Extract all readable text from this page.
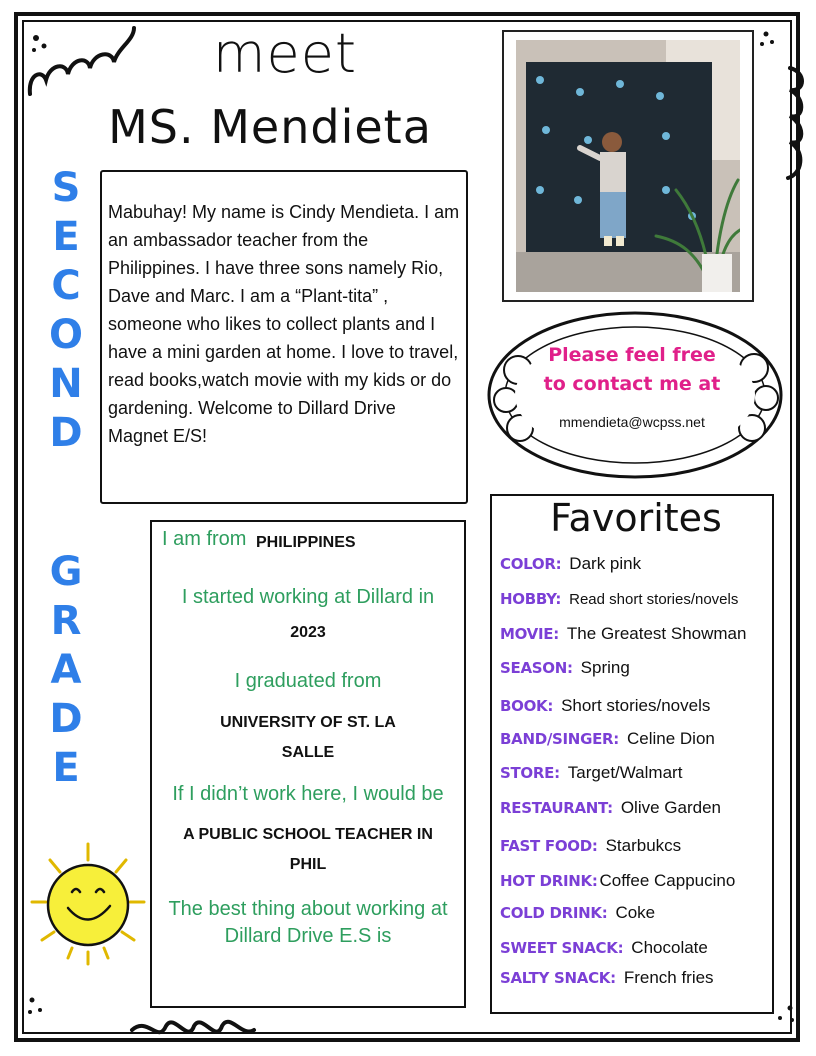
meet
MS. Mendieta
S
E
C
O
N
D
G
R
A
D
E

Mabuhay! My name is Cindy Mendieta. I am an ambassador teacher from the Philippines. I have three sons namely Rio, Dave and Marc. I am a “Plant-tita” , someone who likes to collect plants and I have a mini garden at home. I love to travel, read books,watch movie with my kids or do gardening. Welcome to Dillard Drive Magnet E/S!

Please feel free
to contact me at
mmendieta@wcpss.net
I am from PHILIPPINES
I started working at Dillard in
2023
I graduated from
UNIVERSITY OF ST. LA
SALLE
If I didn’t work here, I would be
A PUBLIC SCHOOL TEACHER IN
PHIL
The best thing about working at
Dillard Drive E.S is
Favorites
COLOR: Dark pink
HOBBY: Read short stories/novels
MOVIE: The Greatest Showman
SEASON: Spring
BOOK: Short stories/novels
BAND/SINGER: Celine Dion
STORE: Target/Walmart
RESTAURANT: Olive Garden
FAST FOOD: Starbukcs
HOT DRINK: Coffee Cappucino
COLD DRINK: Coke
SWEET SNACK: Chocolate
SALTY SNACK: French fries
